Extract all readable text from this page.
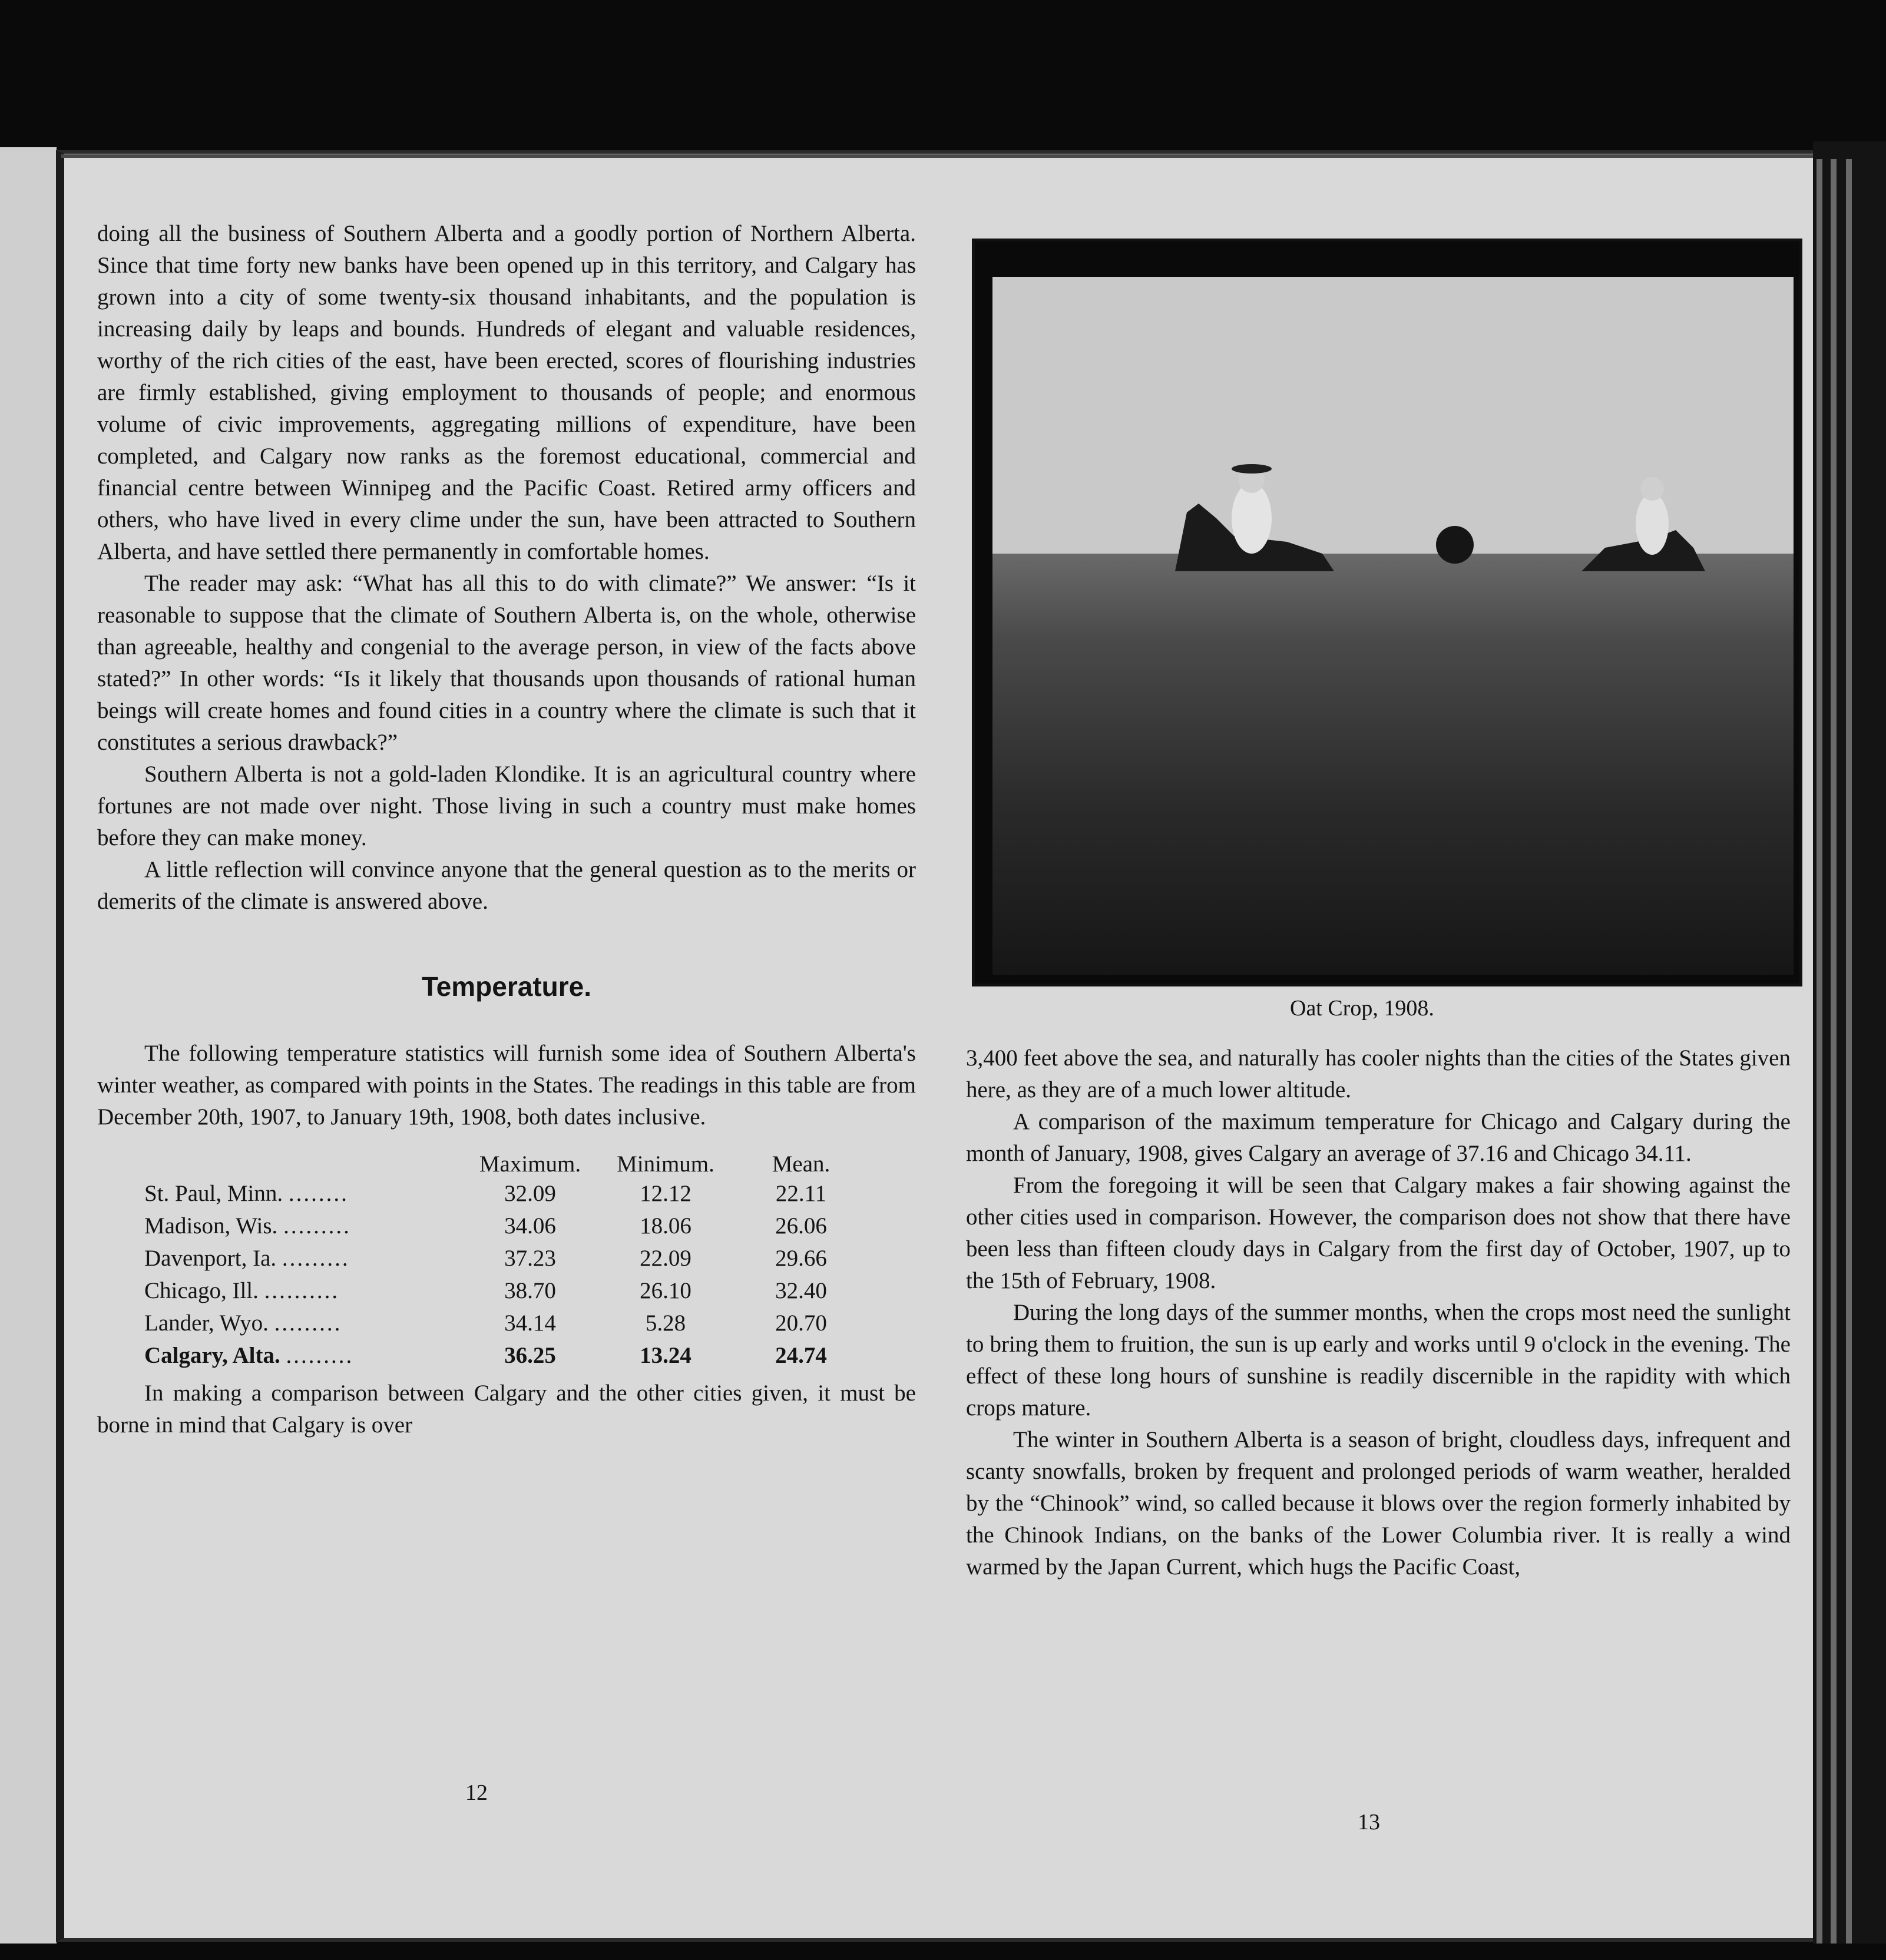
doing all the business of Southern Alberta and a goodly portion of Northern Alberta. Since that time forty new banks have been opened up in this territory, and Calgary has grown into a city of some twenty-six thousand inhabitants, and the population is increasing daily by leaps and bounds. Hundreds of elegant and valuable residences, worthy of the rich cities of the east, have been erected, scores of flourishing industries are firmly established, giving employment to thousands of people; and enormous volume of civic improvements, aggregating millions of expenditure, have been completed, and Calgary now ranks as the foremost educational, commercial and financial centre between Winnipeg and the Pacific Coast. Retired army officers and others, who have lived in every clime under the sun, have been attracted to Southern Alberta, and have settled there permanently in comfortable homes.

The reader may ask: “What has all this to do with climate?” We answer: “Is it reasonable to suppose that the climate of Southern Alberta is, on the whole, otherwise than agreeable, healthy and congenial to the average person, in view of the facts above stated?” In other words: “Is it likely that thousands upon thousands of rational human beings will create homes and found cities in a country where the climate is such that it constitutes a serious drawback?”

Southern Alberta is not a gold-laden Klondike. It is an agricultural country where fortunes are not made over night. Those living in such a country must make homes before they can make money.

A little reflection will convince anyone that the general question as to the merits or demerits of the climate is answered above.

Temperature.

The following temperature statistics will furnish some idea of Southern Alberta's winter weather, as compared with points in the States. The readings in this table are from December 20th, 1907, to January 19th, 1908, both dates inclusive.

	Maximum.	Minimum.	Mean.
St. Paul, Minn. ........	32.09	12.12	22.11
Madison, Wis. .........	34.06	18.06	26.06
Davenport, Ia. .........	37.23	22.09	29.66
Chicago, Ill. ..........	38.70	26.10	32.40
Lander, Wyo. .........	34.14	5.28	20.70
Calgary, Alta. .........	36.25	13.24	24.74

In making a comparison between Calgary and the other cities given, it must be borne in mind that Calgary is over

12
Oat Crop, 1908.

3,400 feet above the sea, and naturally has cooler nights than the cities of the States given here, as they are of a much lower altitude.

A comparison of the maximum temperature for Chicago and Calgary during the month of January, 1908, gives Calgary an average of 37.16 and Chicago 34.11.

From the foregoing it will be seen that Calgary makes a fair showing against the other cities used in comparison. However, the comparison does not show that there have been less than fifteen cloudy days in Calgary from the first day of October, 1907, up to the 15th of February, 1908.

During the long days of the summer months, when the crops most need the sunlight to bring them to fruition, the sun is up early and works until 9 o'clock in the evening. The effect of these long hours of sunshine is readily discernible in the rapidity with which crops mature.

The winter in Southern Alberta is a season of bright, cloudless days, infrequent and scanty snowfalls, broken by frequent and prolonged periods of warm weather, heralded by the “Chinook” wind, so called because it blows over the region formerly inhabited by the Chinook Indians, on the banks of the Lower Columbia river. It is really a wind warmed by the Japan Current, which hugs the Pacific Coast,

13
